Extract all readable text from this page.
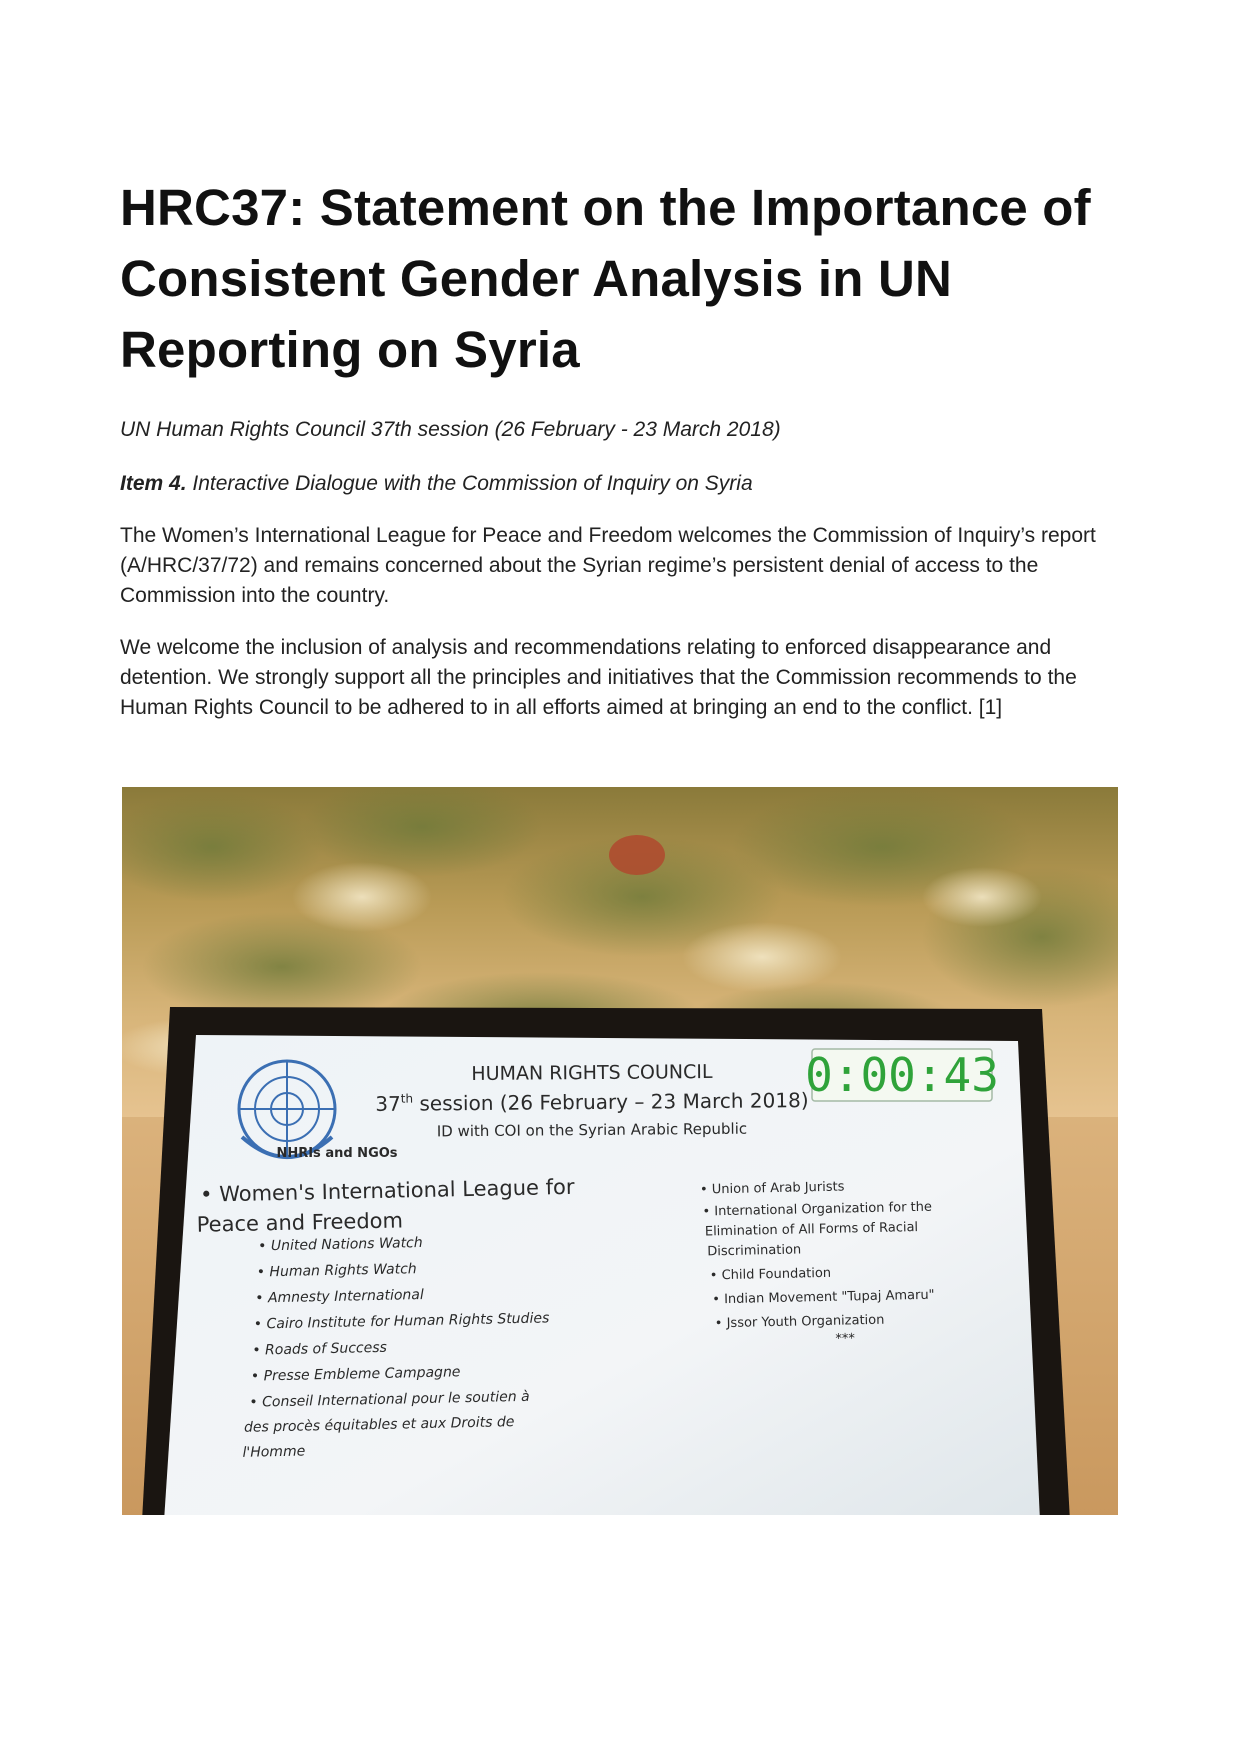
HRC37: Statement on the Importance of Consistent Gender Analysis in UN Reporting on Syria

UN Human Rights Council 37th session (26 February - 23 March 2018)

Item 4. Interactive Dialogue with the Commission of Inquiry on Syria

The Women’s International League for Peace and Freedom welcomes the Commission of Inquiry’s report (A/HRC/37/72) and remains concerned about the Syrian regime’s persistent denial of access to the Commission into the country.

We welcome the inclusion of analysis and recommendations relating to enforced disappearance and detention. We strongly support all the principles and initiatives that the Commission recommends to the Human Rights Council to be adhered to in all efforts aimed at bringing an end to the conflict. [1]

HUMAN RIGHTS COUNCIL
37th session (26 February – 23 March 2018)
ID with COI on the Syrian Arabic Republic
NHRIs and NGOs
0:00:43
• Women's International League for
Peace and Freedom
• United Nations Watch
• Human Rights Watch
• Amnesty International
• Cairo Institute for Human Rights Studies
• Roads of Success
• Presse Embleme Campagne
• Conseil International pour le soutien à
des procès équitables et aux Droits de
l'Homme
• Union of Arab Jurists
• International Organization for the
Elimination of All Forms of Racial
Discrimination
• Child Foundation
• Indian Movement "Tupaj Amaru"
• Jssor Youth Organization
***
